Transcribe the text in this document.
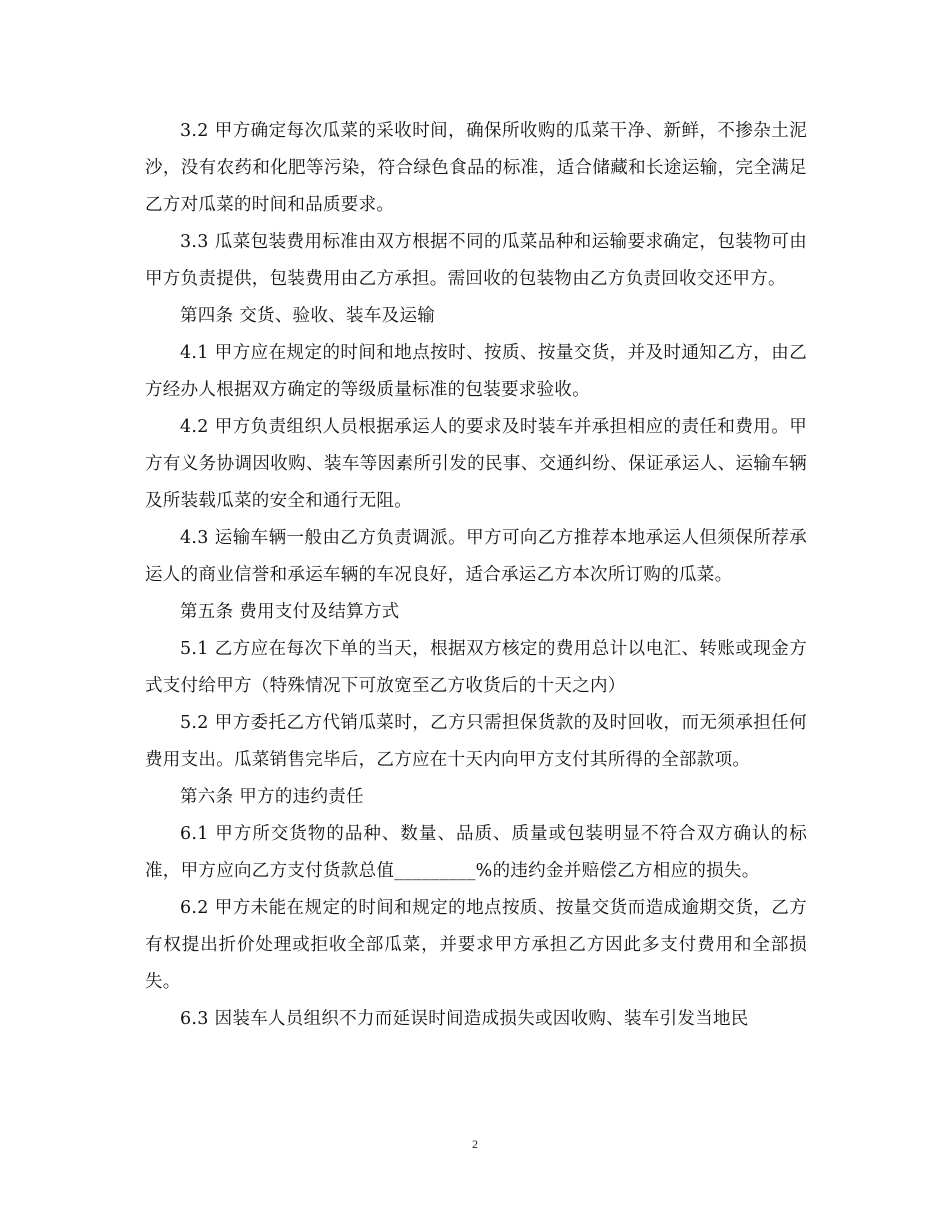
3.2 甲方确定每次瓜菜的采收时间，确保所收购的瓜菜干净、新鲜，不掺杂土泥沙，没有农药和化肥等污染，符合绿色食品的标准，适合储藏和长途运输，完全满足乙方对瓜菜的时间和品质要求。

3.3 瓜菜包装费用标准由双方根据不同的瓜菜品种和运输要求确定，包装物可由甲方负责提供，包装费用由乙方承担。需回收的包装物由乙方负责回收交还甲方。

第四条 交货、验收、装车及运输

4.1 甲方应在规定的时间和地点按时、按质、按量交货，并及时通知乙方，由乙方经办人根据双方确定的等级质量标准的包装要求验收。

4.2 甲方负责组织人员根据承运人的要求及时装车并承担相应的责任和费用。甲方有义务协调因收购、装车等因素所引发的民事、交通纠纷、保证承运人、运输车辆及所装载瓜菜的安全和通行无阻。

4.3 运输车辆一般由乙方负责调派。甲方可向乙方推荐本地承运人但须保所荐承运人的商业信誉和承运车辆的车况良好，适合承运乙方本次所订购的瓜菜。

第五条 费用支付及结算方式

5.1 乙方应在每次下单的当天，根据双方核定的费用总计以电汇、转账或现金方式支付给甲方（特殊情况下可放宽至乙方收货后的十天之内）

5.2 甲方委托乙方代销瓜菜时，乙方只需担保货款的及时回收，而无须承担任何费用支出。瓜菜销售完毕后，乙方应在十天内向甲方支付其所得的全部款项。

第六条 甲方的违约责任

6.1 甲方所交货物的品种、数量、品质、质量或包装明显不符合双方确认的标准，甲方应向乙方支付货款总值_________%的违约金并赔偿乙方相应的损失。

6.2 甲方未能在规定的时间和规定的地点按质、按量交货而造成逾期交货，乙方有权提出折价处理或拒收全部瓜菜，并要求甲方承担乙方因此多支付费用和全部损失。

6.3 因装车人员组织不力而延误时间造成损失或因收购、装车引发当地民

2
